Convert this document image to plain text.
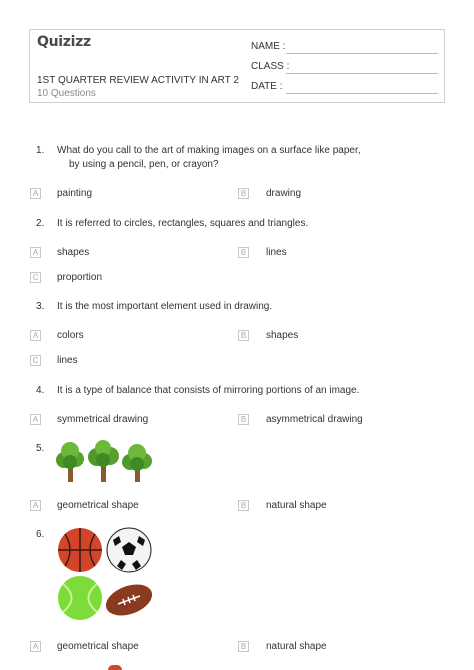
Quizizz
1ST QUARTER REVIEW ACTIVITY IN ART 2
10 Questions
NAME :
CLASS :
DATE :
1. What do you call to the art of making images on a surface like paper,
by using a pencil, pen, or crayon?
A painting	B drawing
2. It is referred to circles, rectangles, squares and triangles.
A shapes	B lines
C proportion
3. It is the most important element used in drawing.
A colors	B shapes
C lines
4. It is a type of balance that consists of mirroring portions of an image.
A symmetrical drawing	B asymmetrical drawing
5.
A geometrical shape	B natural shape
6.
A geometrical shape	B natural shape
